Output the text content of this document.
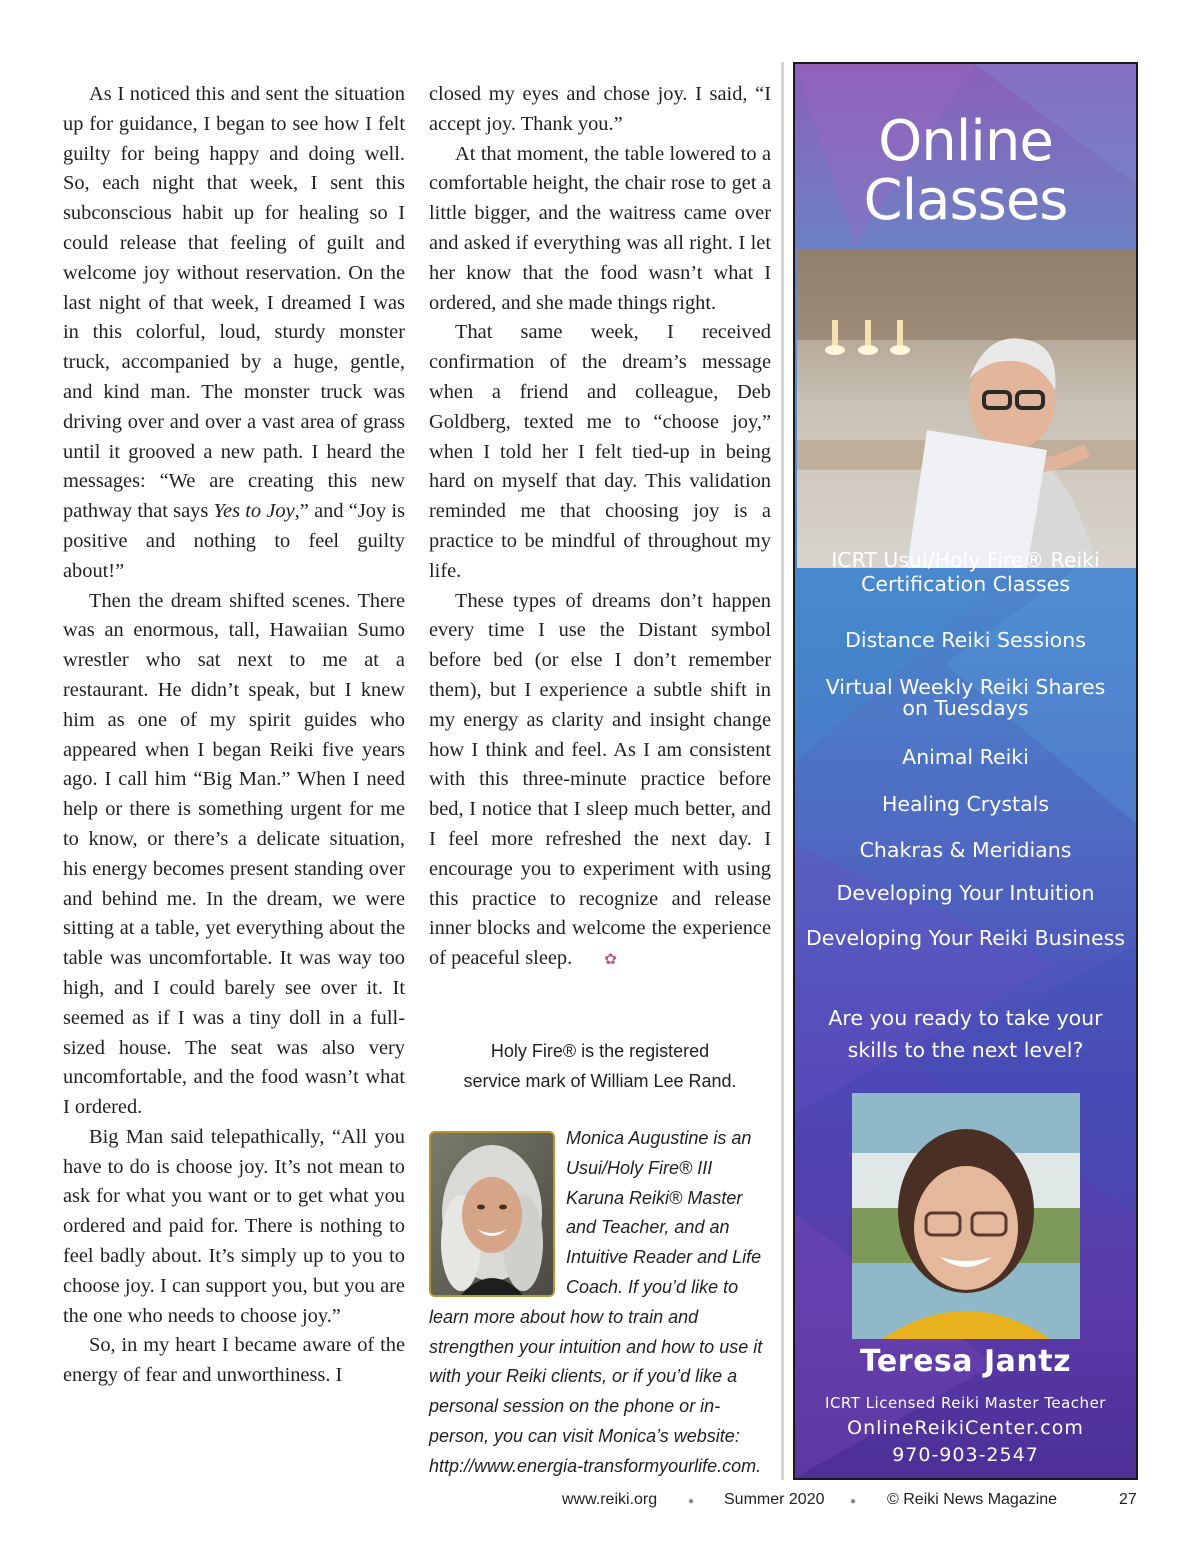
As I noticed this and sent the situation up for guidance, I began to see how I felt guilty for being happy and doing well. So, each night that week, I sent this subconscious habit up for healing so I could release that feeling of guilt and welcome joy without reservation. On the last night of that week, I dreamed I was in this colorful, loud, sturdy monster truck, accompanied by a huge, gentle, and kind man. The monster truck was driving over and over a vast area of grass until it grooved a new path. I heard the messages: “We are creating this new pathway that says Yes to Joy,” and “Joy is positive and nothing to feel guilty about!”

Then the dream shifted scenes. There was an enormous, tall, Hawaiian Sumo wrestler who sat next to me at a restaurant. He didn’t speak, but I knew him as one of my spirit guides who appeared when I began Reiki five years ago. I call him “Big Man.” When I need help or there is something urgent for me to know, or there’s a delicate situation, his energy becomes present standing over and behind me. In the dream, we were sitting at a table, yet everything about the table was uncomfortable. It was way too high, and I could barely see over it. It seemed as if I was a tiny doll in a full-sized house. The seat was also very uncomfortable, and the food wasn’t what I ordered.

Big Man said telepathically, “All you have to do is choose joy. It’s not mean to ask for what you want or to get what you ordered and paid for. There is nothing to feel badly about. It’s simply up to you to choose joy. I can support you, but you are the one who needs to choose joy.”

So, in my heart I became aware of the energy of fear and unworthiness. I

closed my eyes and chose joy. I said, “I accept joy. Thank you.”

At that moment, the table lowered to a comfortable height, the chair rose to get a little bigger, and the waitress came over and asked if everything was all right. I let her know that the food wasn’t what I ordered, and she made things right.

That same week, I received confirmation of the dream’s message when a friend and colleague, Deb Goldberg, texted me to “choose joy,” when I told her I felt tied-up in being hard on myself that day. This validation reminded me that choosing joy is a practice to be mindful of throughout my life.

These types of dreams don’t happen every time I use the Distant symbol before bed (or else I don’t remember them), but I experience a subtle shift in my energy as clarity and insight change how I think and feel. As I am consistent with this three-minute practice before bed, I notice that I sleep much better, and I feel more refreshed the next day. I encourage you to experiment with using this practice to recognize and release inner blocks and welcome the experience of peaceful sleep. ✿

Holy Fire® is the registered
service mark of William Lee Rand.
Monica Augustine is an Usui/Holy Fire® III Karuna Reiki® Master and Teacher, and an Intuitive Reader and Life Coach. If you’d like to learn more about how to train and strengthen your intuition and how to use it with your Reiki clients, or if you’d like a personal session on the phone or in-person, you can visit Monica’s website: http://www.energia-transformyourlife.com.
Online
Classes
ICRT Usui/Holy Fire® Reiki
Certification Classes
Distance Reiki Sessions
Virtual Weekly Reiki Shares
on Tuesdays
Animal Reiki
Healing Crystals
Chakras & Meridians
Developing Your Intuition
Developing Your Reiki Business
Are you ready to take your
skills to the next level?
Teresa Jantz
ICRT Licensed Reiki Master Teacher
OnlineReikiCenter.com
970-903-2547
www.reiki.org	● Summer 2020	● © Reiki News Magazine	27
